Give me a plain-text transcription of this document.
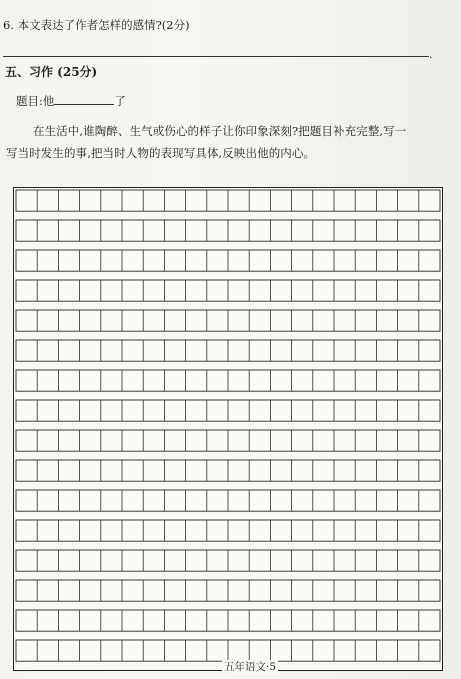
6. 本文表达了作者怎样的感情?(2分)
.
五、习作 (25分)
题目:他	了
在生活中,谁陶醉、生气或伤心的样子让你印象深刻?把题目补充完整,写一
写当时发生的事,把当时人物的表现写具体,反映出他的内心。
五年语文·5
